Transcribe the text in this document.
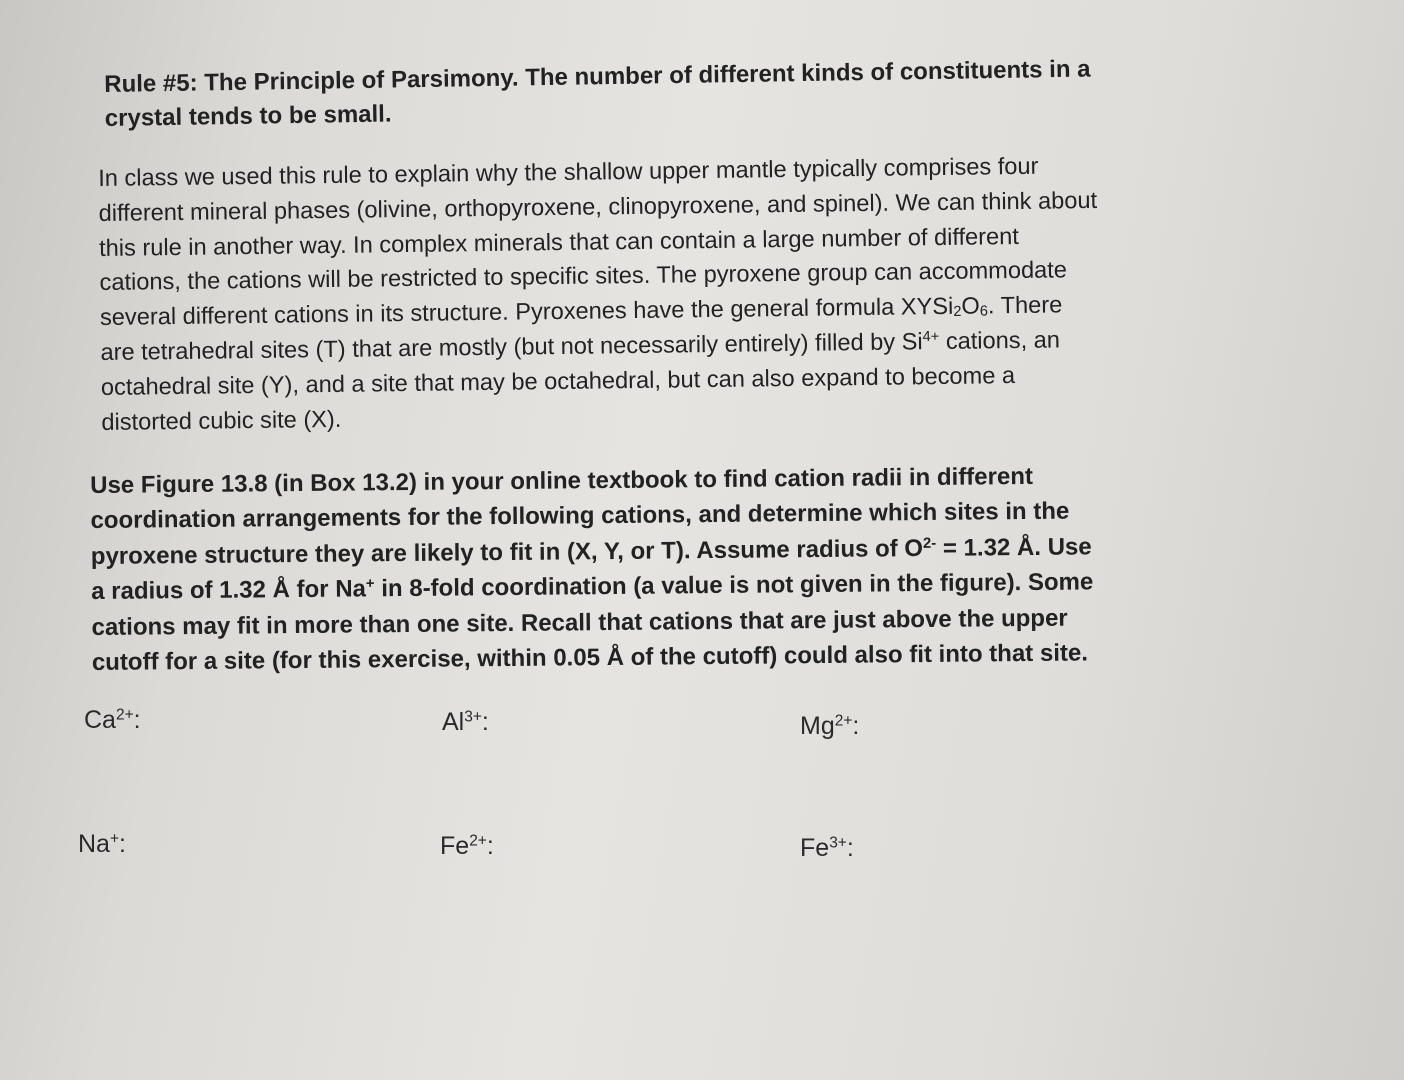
Rule #5: The Principle of Parsimony. The number of different kinds of constituents in a
crystal tends to be small.

In class we used this rule to explain why the shallow upper mantle typically comprises four
different mineral phases (olivine, orthopyroxene, clinopyroxene, and spinel). We can think about
this rule in another way. In complex minerals that can contain a large number of different
cations, the cations will be restricted to specific sites. The pyroxene group can accommodate
several different cations in its structure. Pyroxenes have the general formula $XYSi_2O_6$. There
are tetrahedral sites (T) that are mostly (but not necessarily entirely) filled by $Si^{4+}$ cations, an
octahedral site (Y), and a site that may be octahedral, but can also expand to become a
distorted cubic site (X).

Use Figure 13.8 (in Box 13.2) in your online textbook to find cation radii in different
coordination arrangements for the following cations, and determine which sites in the
pyroxene structure they are likely to fit in (X, Y, or T). Assume radius of $O^{2-} = 1.32$ Å. Use
a radius of 1.32 Å for Na+ in 8-fold coordination (a value is not given in the figure). Some
cations may fit in more than one site. Recall that cations that are just above the upper
cutoff for a site (for this exercise, within 0.05 Å of the cutoff) could also fit into that site.

$Ca^{2+}$:	$Al^{3+}$:	$Mg^{2+}$:
Na+:	$Fe^{2+}$:	$Fe^{3+}$:
